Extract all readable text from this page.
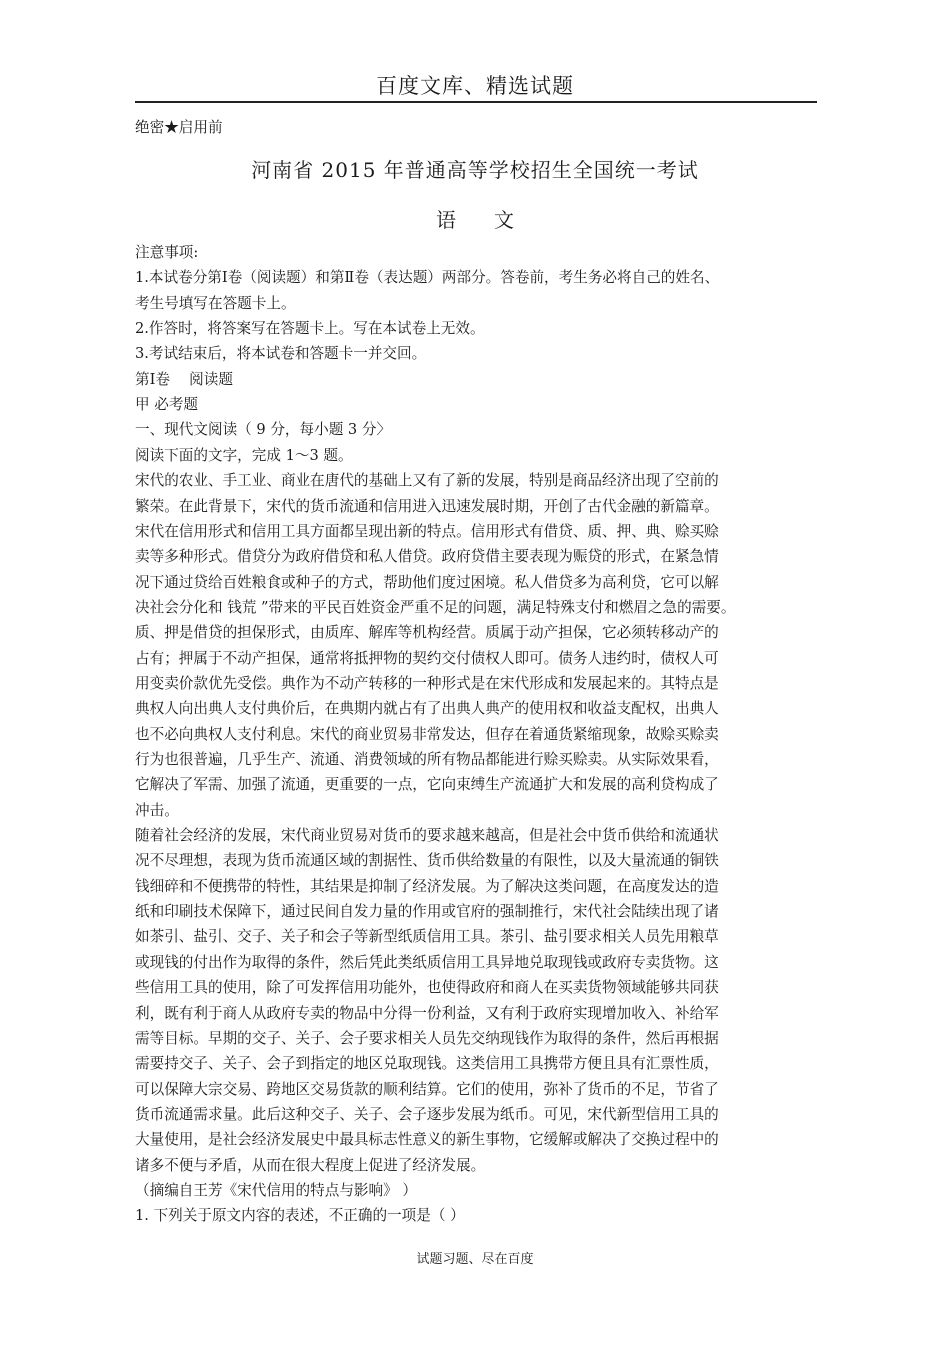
百度文库、精选试题
绝密★启用前
河南省 2015 年普通高等学校招生全国统一考试
语文
注意事项:
1.本试卷分第Ⅰ卷（阅读题）和第Ⅱ卷（表达题）两部分。答卷前，考生务必将自己的姓名、
考生号填写在答题卡上。
2.作答时，将答案写在答题卡上。写在本试卷上无效。
3.考试结束后，将本试卷和答题卡一并交回。
第Ⅰ卷　 阅读题
甲 必考题
一、现代文阅读（ 9 分，每小题 3 分〉
阅读下面的文字，完成 1～3 题。
宋代的农业、手工业、商业在唐代的基础上又有了新的发展，特别是商品经济出现了空前的
繁荣。在此背景下，宋代的货币流通和信用进入迅速发展时期，开创了古代金融的新篇章。
宋代在信用形式和信用工具方面都呈现出新的特点。信用形式有借贷、质、押、典、赊买赊
卖等多种形式。借贷分为政府借贷和私人借贷。政府贷借主要表现为赈贷的形式，在紧急情
况下通过贷给百姓粮食或种子的方式，帮助他们度过困境。私人借贷多为高利贷，它可以解
决社会分化和 钱荒 ”带来的平民百姓资金严重不足的问题，满足特殊支付和燃眉之急的需要。
质、押是借贷的担保形式，由质库、解库等机构经营。质属于动产担保，它必须转移动产的
占有；押属于不动产担保，通常将抵押物的契约交付债权人即可。债务人违约时，债权人可
用变卖价款优先受偿。典作为不动产转移的一种形式是在宋代形成和发展起来的。其特点是
典权人向出典人支付典价后，在典期内就占有了出典人典产的使用权和收益支配权，出典人
也不必向典权人支付利息。宋代的商业贸易非常发达，但存在着通货紧缩现象，故赊买赊卖
行为也很普遍，几乎生产、流通、消费领域的所有物品都能进行赊买赊卖。从实际效果看，
它解决了军需、加强了流通，更重要的一点，它向束缚生产流通扩大和发展的高利贷构成了
冲击。
随着社会经济的发展，宋代商业贸易对货币的要求越来越高，但是社会中货币供给和流通状
况不尽理想，表现为货币流通区域的割据性、货币供给数量的有限性，以及大量流通的铜铁
钱细碎和不便携带的特性，其结果是抑制了经济发展。为了解决这类问题，在高度发达的造
纸和印刷技术保障下，通过民间自发力量的作用或官府的强制推行，宋代社会陆续出现了诸
如茶引、盐引、交子、关子和会子等新型纸质信用工具。茶引、盐引要求相关人员先用粮草
或现钱的付出作为取得的条件，然后凭此类纸质信用工具异地兑取现钱或政府专卖货物。这
些信用工具的使用，除了可发挥信用功能外，也使得政府和商人在买卖货物领域能够共同获
利，既有利于商人从政府专卖的物品中分得一份利益，又有利于政府实现增加收入、补给军
需等目标。早期的交子、关子、会子要求相关人员先交纳现钱作为取得的条件，然后再根据
需要持交子、关子、会子到指定的地区兑取现钱。这类信用工具携带方便且具有汇票性质，
可以保障大宗交易、跨地区交易货款的顺利结算。它们的使用，弥补了货币的不足，节省了
货币流通需求量。此后这种交子、关子、会子逐步发展为纸币。可见，宋代新型信用工具的
大量使用，是社会经济发展史中最具标志性意义的新生事物，它缓解或解决了交换过程中的
诸多不便与矛盾，从而在很大程度上促进了经济发展。
（摘编自王芳《宋代信用的特点与影响》 ）
1. 下列关于原文内容的表述，不正确的一项是（ ）
试题习题、尽在百度
